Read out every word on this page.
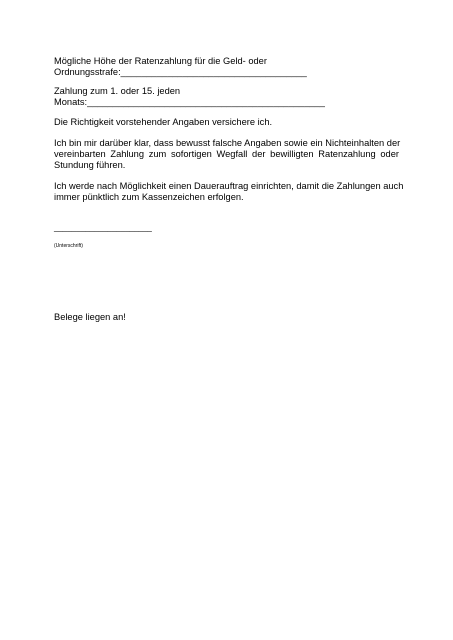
Mögliche Höhe der Ratenzahlung für die Geld- oder
Ordnungsstrafe:____________________________________
Zahlung zum 1. oder 15. jeden
Monats:______________________________________________
Die Richtigkeit vorstehender Angaben versichere ich.
Ich bin mir darüber klar, dass bewusst falsche Angaben sowie ein Nichteinhalten der
vereinbarten Zahlung zum sofortigen Wegfall der bewilligten Ratenzahlung oder
Stundung führen.
Ich werde nach Möglichkeit einen Dauerauftrag einrichten, damit die Zahlungen auch
immer pünktlich zum Kassenzeichen erfolgen.
______________________
(Unterschrift)
Belege liegen an!
